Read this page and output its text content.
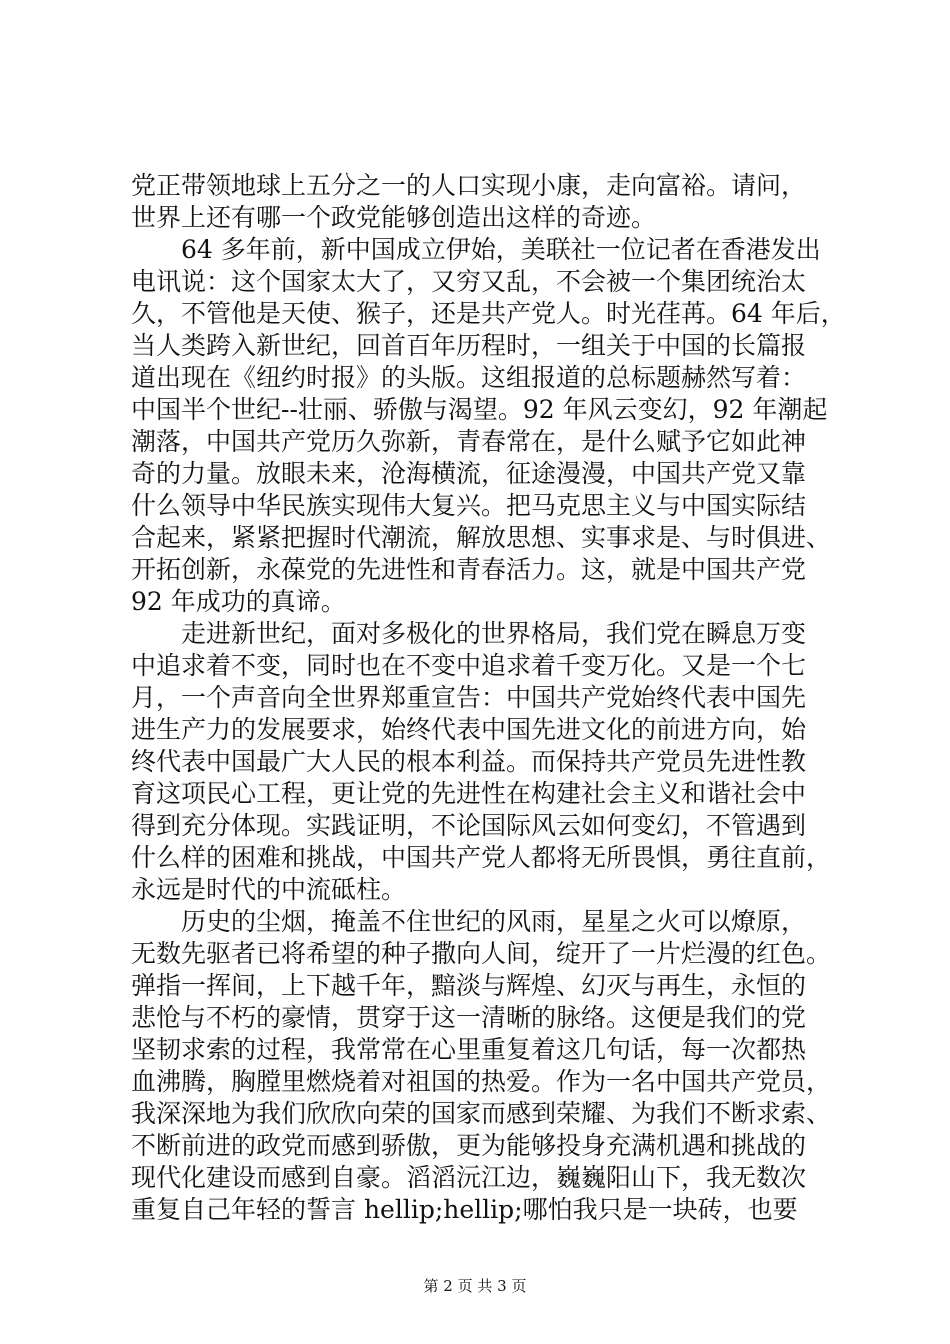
党正带领地球上五分之一的人口实现小康，走向富裕。请问，
世界上还有哪一个政党能够创造出这样的奇迹。
64 多年前，新中国成立伊始，美联社一位记者在香港发出
电讯说：这个国家太大了，又穷又乱，不会被一个集团统治太
久，不管他是天使、猴子，还是共产党人。时光荏苒。64 年后，
当人类跨入新世纪，回首百年历程时，一组关于中国的长篇报
道出现在《纽约时报》的头版。这组报道的总标题赫然写着：
中国半个世纪--壮丽、骄傲与渴望。92 年风云变幻，92 年潮起
潮落，中国共产党历久弥新，青春常在，是什么赋予它如此神
奇的力量。放眼未来，沧海横流，征途漫漫，中国共产党又靠
什么领导中华民族实现伟大复兴。把马克思主义与中国实际结
合起来，紧紧把握时代潮流，解放思想、实事求是、与时俱进、
开拓创新，永葆党的先进性和青春活力。这，就是中国共产党
92 年成功的真谛。
走进新世纪，面对多极化的世界格局，我们党在瞬息万变
中追求着不变，同时也在不变中追求着千变万化。又是一个七
月，一个声音向全世界郑重宣告：中国共产党始终代表中国先
进生产力的发展要求，始终代表中国先进文化的前进方向，始
终代表中国最广大人民的根本利益。而保持共产党员先进性教
育这项民心工程，更让党的先进性在构建社会主义和谐社会中
得到充分体现。实践证明，不论国际风云如何变幻，不管遇到
什么样的困难和挑战，中国共产党人都将无所畏惧，勇往直前，
永远是时代的中流砥柱。
历史的尘烟，掩盖不住世纪的风雨，星星之火可以燎原，
无数先驱者已将希望的种子撒向人间，绽开了一片烂漫的红色。
弹指一挥间，上下越千年，黯淡与辉煌、幻灭与再生，永恒的
悲怆与不朽的豪情，贯穿于这一清晰的脉络。这便是我们的党
坚韧求索的过程，我常常在心里重复着这几句话，每一次都热
血沸腾，胸膛里燃烧着对祖国的热爱。作为一名中国共产党员，
我深深地为我们欣欣向荣的国家而感到荣耀、为我们不断求索、
不断前进的政党而感到骄傲，更为能够投身充满机遇和挑战的
现代化建设而感到自豪。滔滔沅江边，巍巍阳山下，我无数次
重复自己年轻的誓言 hellip;hellip;哪怕我只是一块砖，也要
第 2 页 共 3 页
